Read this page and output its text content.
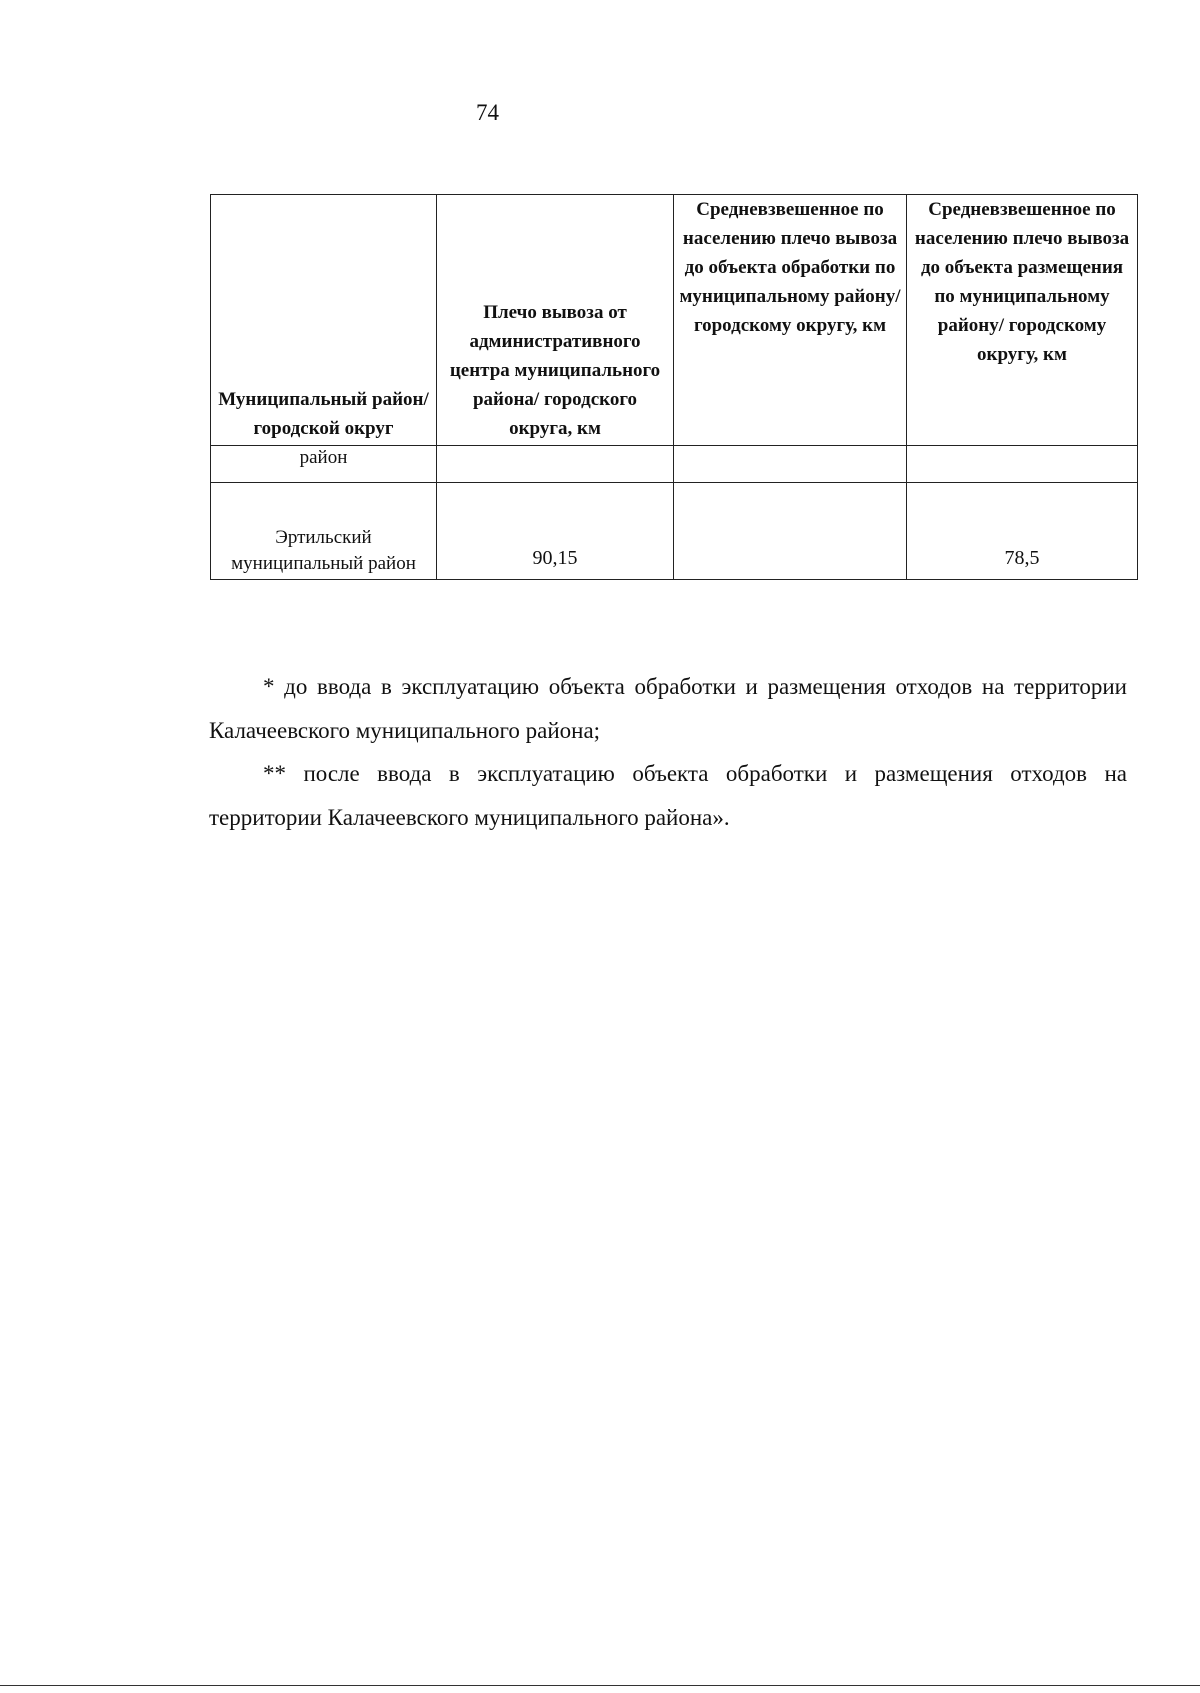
74
Муниципальный район/ городской округ	Плечо вывоза от административного центра муниципального района/ городского округа, км	Средневзвешенное по населению плечо вывоза до объекта обработки по муниципальному району/ городскому округу, км	Средневзвешенное по населению плечо вывоза до объекта размещения по муниципальному району/ городскому округу, км
район			
Эртильский муниципальный район	90,15		78,5

* до ввода в эксплуатацию объекта обработки и размещения отходов на территории Калачеевского муниципального района;

** после ввода в эксплуатацию объекта обработки и размещения отходов на территории Калачеевского муниципального района».
